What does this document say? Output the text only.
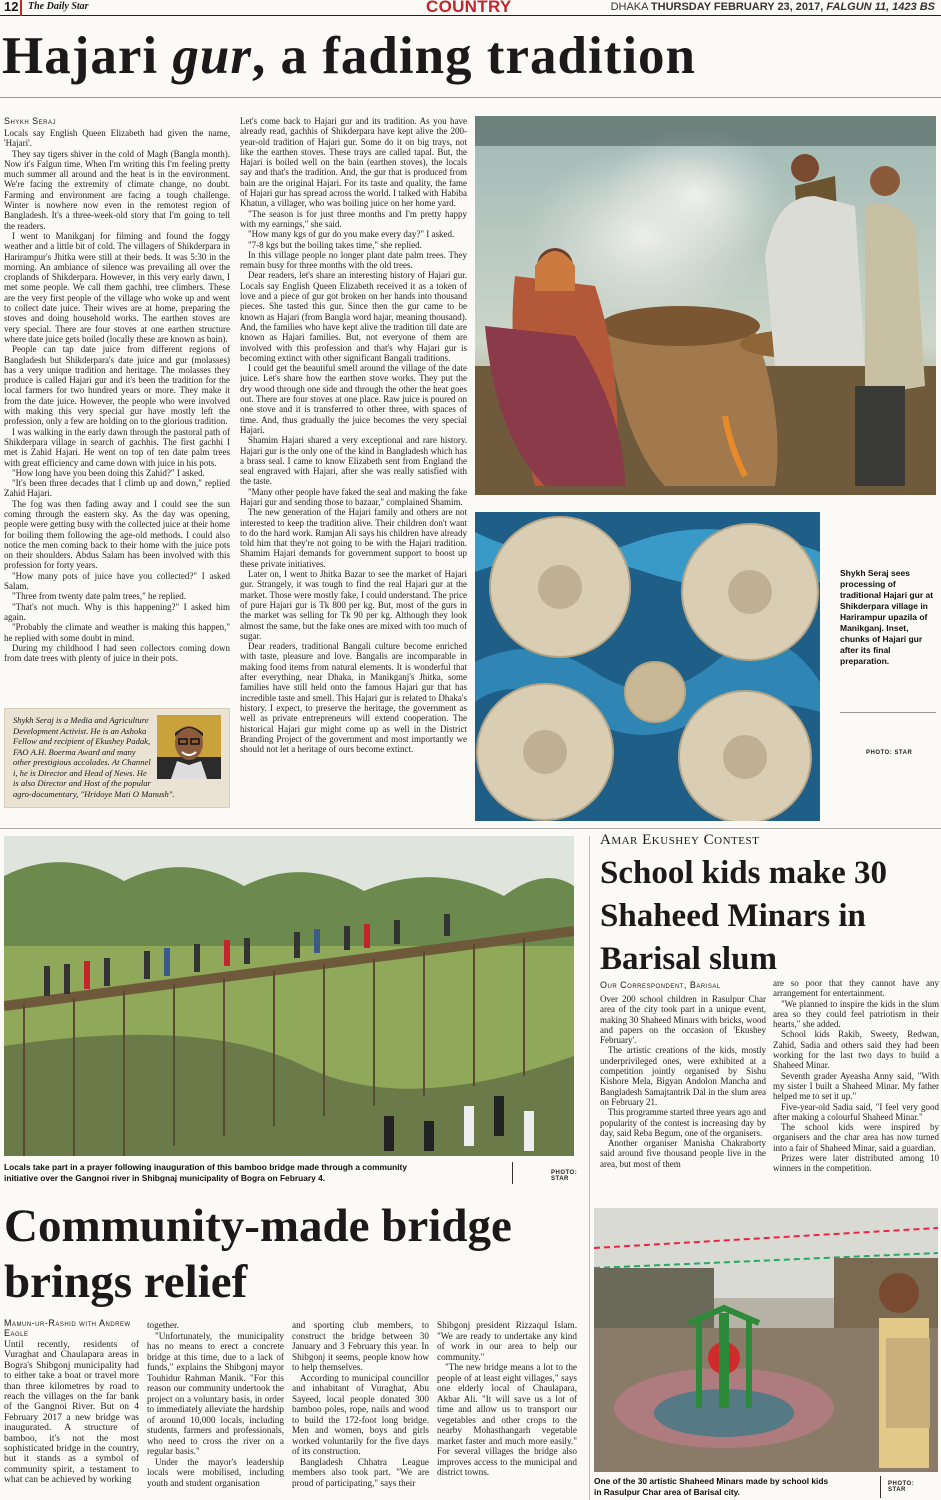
12 The Daily Star	COUNTRY	DHAKA THURSDAY FEBRUARY 23, 2017, FALGUN 11, 1423 BS
Hajari gur, a fading tradition
Shykh Seraj

Locals say English Queen Elizabeth had given the name, 'Hajari'.

They say tigers shiver in the cold of Magh (Bangla month). Now it's Falgun time. When I'm writing this I'm feeling pretty much summer all around and the heat is in the environment. We're facing the extremity of climate change, no doubt. Farming and environment are facing a tough challenge. Winter is nowhere now even in the remotest region of Bangladesh. It's a three-week-old story that I'm going to tell the readers.

I went to Manikganj for filming and found the foggy weather and a little bit of cold. The villagers of Shikderpara in Harirampur's Jhitka were still at their beds. It was 5:30 in the morning. An ambiance of silence was prevailing all over the croplands of Shikderpara. However, in this very early dawn, I met some people. We call them gachhi, tree climbers. These are the very first people of the village who woke up and went to collect date juice. Their wives are at home, preparing the stoves and doing household works. The earthen stoves are very special. There are four stoves at one earthen structure where date juice gets boiled (locally these are known as bain).

People can tap date juice from different regions of Bangladesh but Shikderpara's date juice and gur (molasses) has a very unique tradition and heritage. The molasses they produce is called Hajari gur and it's been the tradition for the local farmers for two hundred years or more. They make it from the date juice. However, the people who were involved with making this very special gur have mostly left the profession, only a few are holding on to the glorious tradition.

I was walking in the early dawn through the pastoral path of Shikderpara village in search of gachhis. The first gachhi I met is Zahid Hajari. He went on top of ten date palm trees with great efficiency and came down with juice in his pots.

"How long have you been doing this Zahid?" I asked.

"It's been three decades that I climb up and down," replied Zahid Hajari.

The fog was then fading away and I could see the sun coming through the eastern sky. As the day was opening, people were getting busy with the collected juice at their home for boiling them following the age-old methods. I could also notice the men coming back to their home with the juice pots on their shoulders. Abdus Salam has been involved with this profession for forty years.

"How many pots of juice have you collected?" I asked Salam.

"Three from twenty date palm trees," he replied.

"That's not much. Why is this happening?" I asked him again.

"Probably the climate and weather is making this happen," he replied with some doubt in mind.

During my childhood I had seen collectors coming down from date trees with plenty of juice in their pots.

Shykh Seraj is a Media and Agriculture Development Activist. He is an Ashoka Fellow and recipient of Ekushey Padak, FAO A.H. Boerma Award and many other prestigious accolades. At Channel i, he is Director and Head of News. He is also Director and Host of the popular agro-documentary, "Hridoye Mati O Manush".

Let's come back to Hajari gur and its tradition. As you have already read, gachhis of Shikderpara have kept alive the 200-year-old tradition of Hajari gur. Some do it on big trays, not like the earthen stoves. These trays are called tapal. But, the Hajari is boiled well on the bain (earthen stoves), the locals say and that's the tradition. And, the gur that is produced from bain are the original Hajari. For its taste and quality, the fame of Hajari gur has spread across the world. I talked with Habiba Khatun, a villager, who was boiling juice on her home yard.

"The season is for just three months and I'm pretty happy with my earnings," she said.

"How many kgs of gur do you make every day?" I asked.

"7-8 kgs but the boiling takes time," she replied.

In this village people no longer plant date palm trees. They remain busy for three months with the old trees.

Dear readers, let's share an interesting history of Hajari gur. Locals say English Queen Elizabeth received it as a token of love and a piece of gur got broken on her hands into thousand pieces. She tasted this gur. Since then the gur came to be known as Hajari (from Bangla word hajar, meaning thousand). And, the families who have kept alive the tradition till date are known as Hajari families. But, not everyone of them are involved with this profession and that's why Hajari gur is becoming extinct with other significant Bangali traditions.

I could get the beautiful smell around the village of the date juice. Let's share how the earthen stove works. They put the dry wood through one side and through the other the heat goes out. There are four stoves at one place. Raw juice is poured on one stove and it is transferred to other three, with spaces of time. And, thus gradually the juice becomes the very special Hajari.

Shamim Hajari shared a very exceptional and rare history. Hajari gur is the only one of the kind in Bangladesh which has a brass seal. I came to know Elizabeth sent from England the seal engraved with Hajari, after she was really satisfied with the taste.

"Many other people have faked the seal and making the fake Hajari gur and sending those to bazaar," complained Shamim.

The new generation of the Hajari family and others are not interested to keep the tradition alive. Their children don't want to do the hard work. Ramjan Ali says his children have already told him that they're not going to be with the Hajari tradition. Shamim Hajari demands for government support to boost up these private initiatives.

Later on, I went to Jhitka Bazar to see the market of Hajari gur. Strangely, it was tough to find the real Hajari gur at the market. Those were mostly fake, I could understand. The price of pure Hajari gur is Tk 800 per kg. But, most of the gurs in the market was selling for Tk 90 per kg. Although they look almost the same, but the fake ones are mixed with too much of sugar.

Dear readers, traditional Bangali culture become enriched with taste, pleasure and love. Bangalis are incomparable in making food items from natural elements. It is wonderful that after everything, near Dhaka, in Manikganj's Jhitka, some families have still held onto the famous Hajari gur that has incredible taste and smell. This Hajari gur is related to Dhaka's history. I expect, to preserve the heritage, the government as well as private entrepreneurs will extend cooperation. The historical Hajari gur might come up as well in the District Branding Project of the government and most importantly we should not let a heritage of ours become extinct.

Shykh Seraj sees processing of traditional Hajari gur at Shikderpara village in Harirampur upazila of Manikganj. Inset, chunks of Hajari gur after its final preparation.
PHOTO: STAR
Locals take part in a prayer following inauguration of this bamboo bridge made through a community initiative over the Gangnoi river in Shibgnaj municipality of Bogra on February 4.	PHOTO: STAR
Community-made bridge brings relief
Mamun-ur-Rashid with Andrew Eagle

Until recently, residents of Vuraghat and Chaulapara areas in Bogra's Shibgonj municipality had to either take a boat or travel more than three kilometres by road to reach the villages on the far bank of the Gangnoi River. But on 4 February 2017 a new bridge was inaugurated. A structure of bamboo, it's not the most sophisticated bridge in the country, but it stands as a symbol of community spirit, a testament to what can be achieved by working

together.

"Unfortunately, the municipality has no means to erect a concrete bridge at this time, due to a lack of funds," explains the Shibgonj mayor Touhidur Rahman Manik. "For this reason our community undertook the project on a voluntary basis, in order to immediately alleviate the hardship of around 10,000 locals, including students, farmers and professionals, who need to cross the river on a regular basis."

Under the mayor's leadership locals were mobilised, including youth and student organisation

and sporting club members, to construct the bridge between 30 January and 3 February this year. In Shibgonj it seems, people know how to help themselves.

According to municipal councillor and inhabitant of Vuraghat, Abu Sayeed, local people donated 300 bamboo poles, rope, nails and wood to build the 172-foot long bridge. Men and women, boys and girls worked voluntarily for the five days of its construction.

Bangladesh Chhatra League members also took part. "We are proud of participating," says their

Shibgonj president Rizzaqul Islam. "We are ready to undertake any kind of work in our area to help our community."

"The new bridge means a lot to the people of at least eight villages," says one elderly local of Chaulapara, Akbar Ali. "It will save us a lot of time and allow us to transport our vegetables and other crops to the nearby Mohasthangarh vegetable market faster and much more easily." For several villages the bridge also improves access to the municipal and district towns.

Amar Ekushey Contest
School kids make 30 Shaheed Minars in Barisal slum
Our Correspondent, Barisal

Over 200 school children in Rasulpur Char area of the city took part in a unique event, making 30 Shaheed Minars with bricks, wood and papers on the occasion of 'Ekushey February'.

The artistic creations of the kids, mostly underprivileged ones, were exhibited at a competition jointly organised by Sishu Kishore Mela, Bigyan Andolon Mancha and Bangladesh Samajtantrik Dal in the slum area on February 21.

This programme started three years ago and popularity of the contest is increasing day by day, said Reba Begum, one of the organisers.

Another organiser Manisha Chakraborty said around five thousand people live in the area, but most of them

are so poor that they cannot have any arrangement for entertainment.

"We planned to inspire the kids in the slum area so they could feel patriotism in their hearts," she added.

School kids Rakib, Sweety, Redwan, Zahid, Sadia and others said they had been working for the last two days to build a Shaheed Minar.

Seventh grader Ayeasha Anny said, "With my sister I built a Shaheed Minar. My father helped me to set it up."

Five-year-old Sadia said, "I feel very good after making a colourful Shaheed Minar."

The school kids were inspired by organisers and the char area has now turned into a fair of Shaheed Minar, said a guardian.

Prizes were later distributed among 10 winners in the competition.

One of the 30 artistic Shaheed Minars made by school kids in Rasulpur Char area of Barisal city.
PHOTO: STAR
